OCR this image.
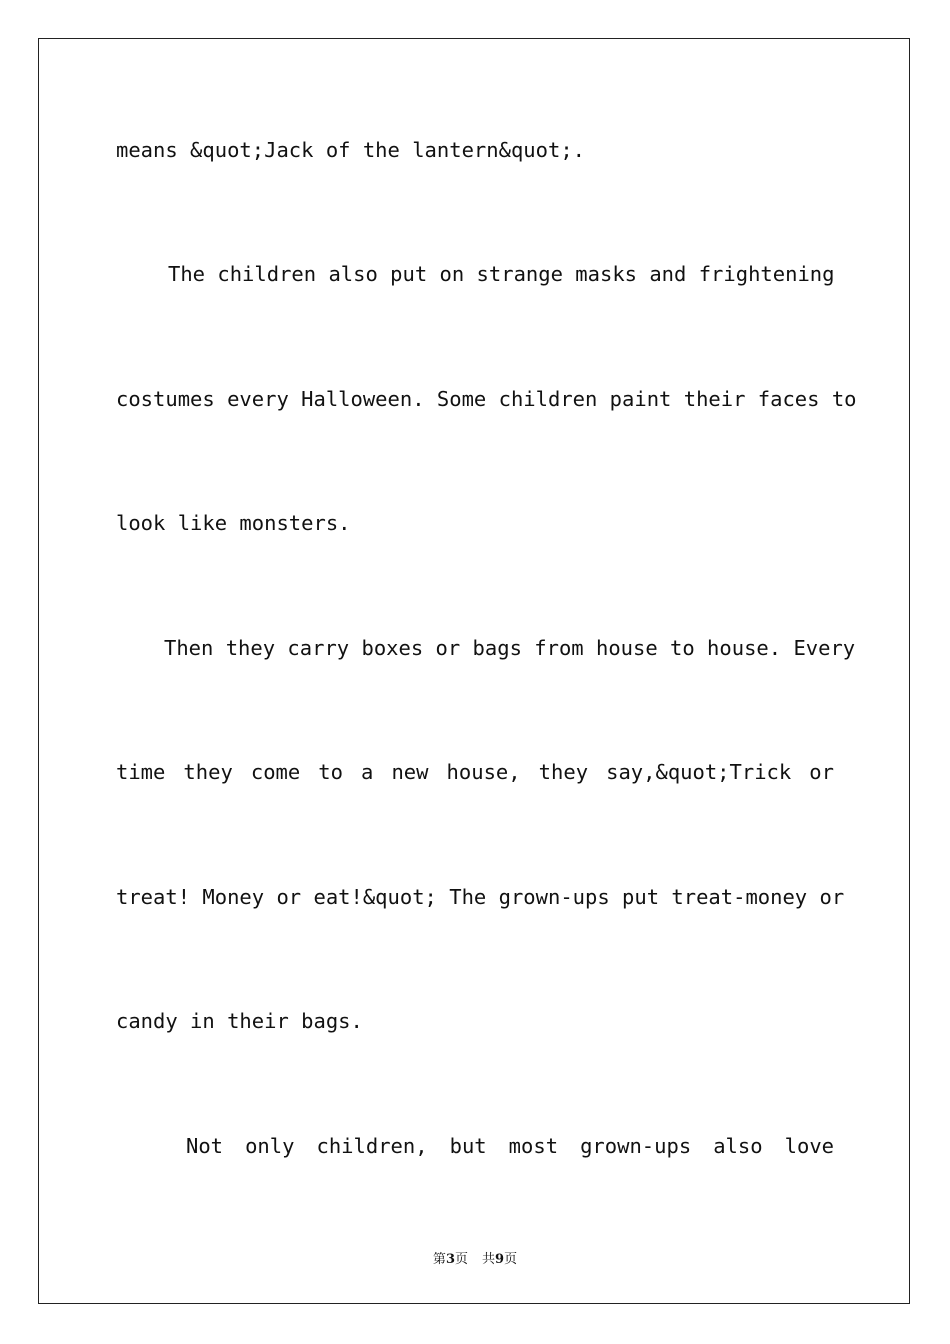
means &quot;Jack of the lantern&quot;.
The children also put on strange masks and frightening
costumes every Halloween. Some children paint their faces to
look like monsters.
Then they carry boxes or bags from house to house. Every
time they come to a new house, they say,&quot;Trick or
treat! Money or eat!&quot; The grown-ups put treat-money or
candy in their bags.
Not only children, but most grown-ups also love
第3页 共9页
